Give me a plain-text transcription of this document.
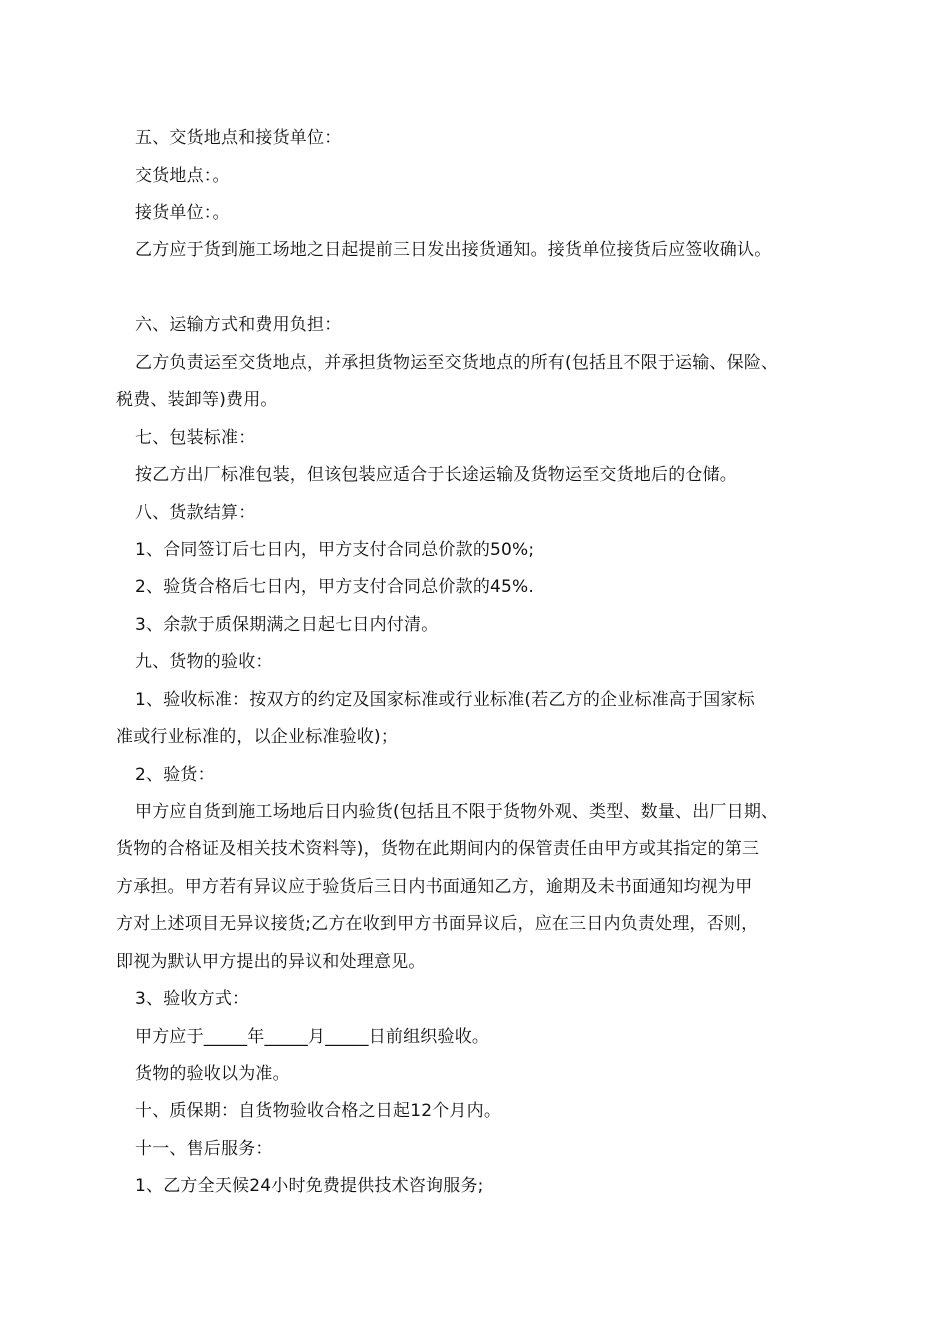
五、交货地点和接货单位：
交货地点：。
接货单位：。
乙方应于货到施工场地之日起提前三日发出接货通知。接货单位接货后应签收确认。
六、运输方式和费用负担：
乙方负责运至交货地点，并承担货物运至交货地点的所有(包括且不限于运输、保险、
税费、装卸等)费用。
七、包装标准：
按乙方出厂标准包装，但该包装应适合于长途运输及货物运至交货地后的仓储。
八、货款结算：
1、合同签订后七日内，甲方支付合同总价款的50%;
2、验货合格后七日内，甲方支付合同总价款的45%.
3、余款于质保期满之日起七日内付清。
九、货物的验收：
1、验收标准：按双方的约定及国家标准或行业标准(若乙方的企业标准高于国家标
准或行业标准的，以企业标准验收)；
2、验货：
甲方应自货到施工场地后日内验货(包括且不限于货物外观、类型、数量、出厂日期、
货物的合格证及相关技术资料等)，货物在此期间内的保管责任由甲方或其指定的第三
方承担。甲方若有异议应于验货后三日内书面通知乙方，逾期及未书面通知均视为甲
方对上述项目无异议接货;乙方在收到甲方书面异议后，应在三日内负责处理，否则，
即视为默认甲方提出的异议和处理意见。
3、验收方式：
甲方应于_____年_____月_____日前组织验收。
货物的验收以为准。
十、质保期：自货物验收合格之日起12个月内。
十一、售后服务：
1、乙方全天候24小时免费提供技术咨询服务;
